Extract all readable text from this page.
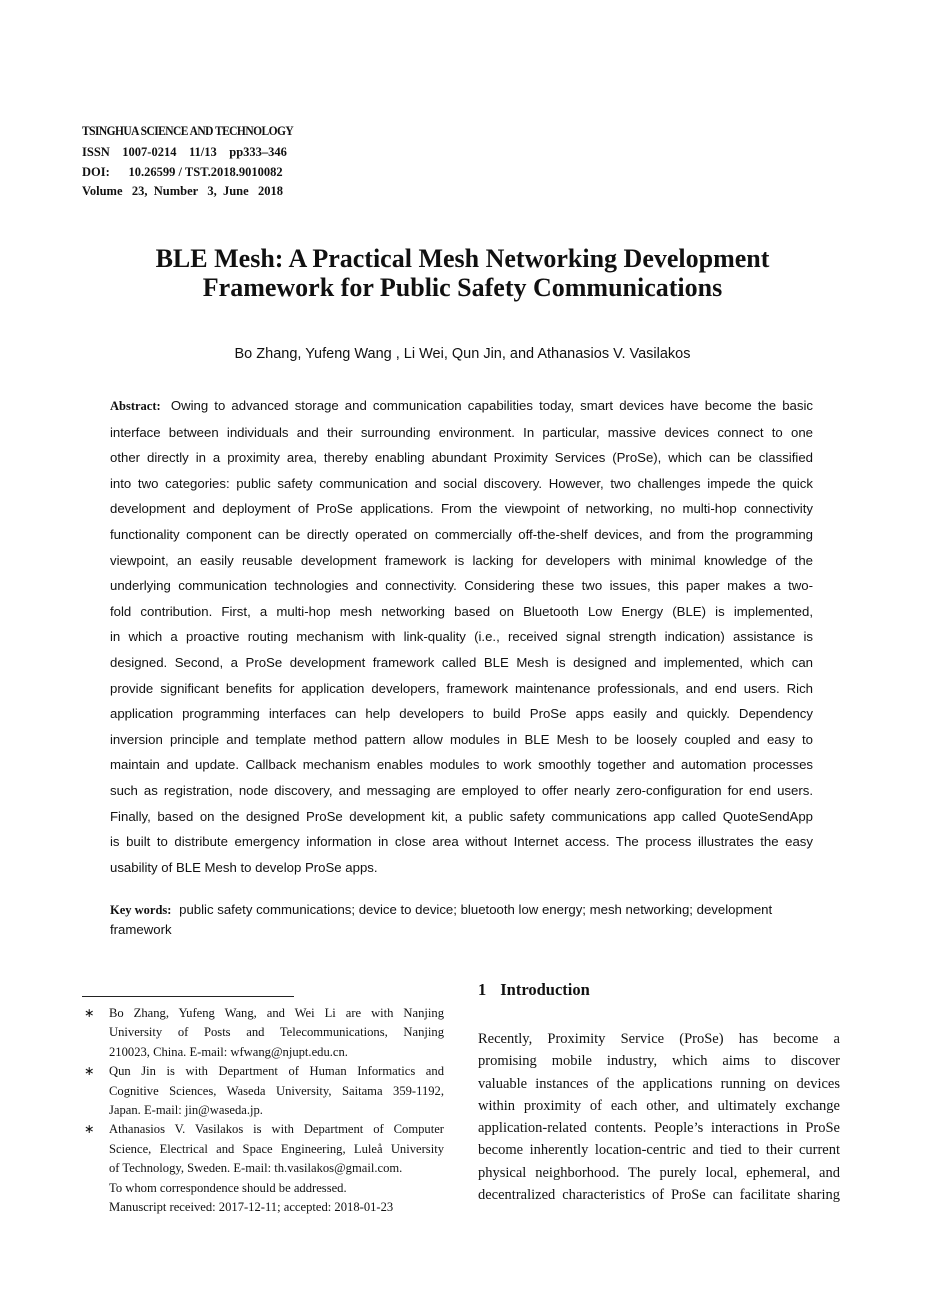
TSINGHUA SCIENCE AND TECHNOLOGY
ISSN    1007-0214    11/13    pp333–346
DOI:      10.26599 / TST.2018.9010082
Volume   23,  Number   3,  June   2018
BLE Mesh: A Practical Mesh Networking Development
Framework for Public Safety Communications
Bo Zhang, Yufeng Wang , Li Wei, Qun Jin, and Athanasios V. Vasilakos
Abstract: Owing to advanced storage and communication capabilities today, smart devices have become the basic
interface between individuals and their surrounding environment. In particular, massive devices connect to one
other directly in a proximity area, thereby enabling abundant Proximity Services (ProSe), which can be classified
into two categories: public safety communication and social discovery. However, two challenges impede the quick
development and deployment of ProSe applications. From the viewpoint of networking, no multi-hop connectivity
functionality component can be directly operated on commercially off-the-shelf devices, and from the programming
viewpoint, an easily reusable development framework is lacking for developers with minimal knowledge of the
underlying communication technologies and connectivity. Considering these two issues, this paper makes a two-
fold contribution. First, a multi-hop mesh networking based on Bluetooth Low Energy (BLE) is implemented,
in which a proactive routing mechanism with link-quality (i.e., received signal strength indication) assistance is
designed. Second, a ProSe development framework called BLE Mesh is designed and implemented, which can
provide significant benefits for application developers, framework maintenance professionals, and end users. Rich
application programming interfaces can help developers to build ProSe apps easily and quickly. Dependency
inversion principle and template method pattern allow modules in BLE Mesh to be loosely coupled and easy to
maintain and update. Callback mechanism enables modules to work smoothly together and automation processes
such as registration, node discovery, and messaging are employed to offer nearly zero-configuration for end users.
Finally, based on the designed ProSe development kit, a public safety communications app called QuoteSendApp
is built to distribute emergency information in close area without Internet access. The process illustrates the easy
usability of BLE Mesh to develop ProSe apps.
Key words: public safety communications; device to device; bluetooth low energy; mesh networking; development framework
∗	Bo Zhang, Yufeng Wang, and Wei Li are with Nanjing
University of Posts and Telecommunications, Nanjing
210023, China. E-mail: wfwang@njupt.edu.cn.
∗	Qun Jin is with Department of Human Informatics and
Cognitive Sciences, Waseda University, Saitama 359-1192,
Japan. E-mail: jin@waseda.jp.
∗	Athanasios V. Vasilakos is with Department of Computer
Science, Electrical and Space Engineering, Luleå University
of Technology, Sweden. E-mail: th.vasilakos@gmail.com.
To whom correspondence should be addressed.
Manuscript received: 2017-12-11; accepted: 2018-01-23
1 Introduction
Recently, Proximity Service (ProSe) has become a
promising mobile industry, which aims to discover
valuable instances of the applications running on devices
within proximity of each other, and ultimately exchange
application-related contents. People’s interactions in ProSe
become inherently location-centric and tied to their current
physical neighborhood. The purely local, ephemeral, and
decentralized characteristics of ProSe can facilitate sharing
